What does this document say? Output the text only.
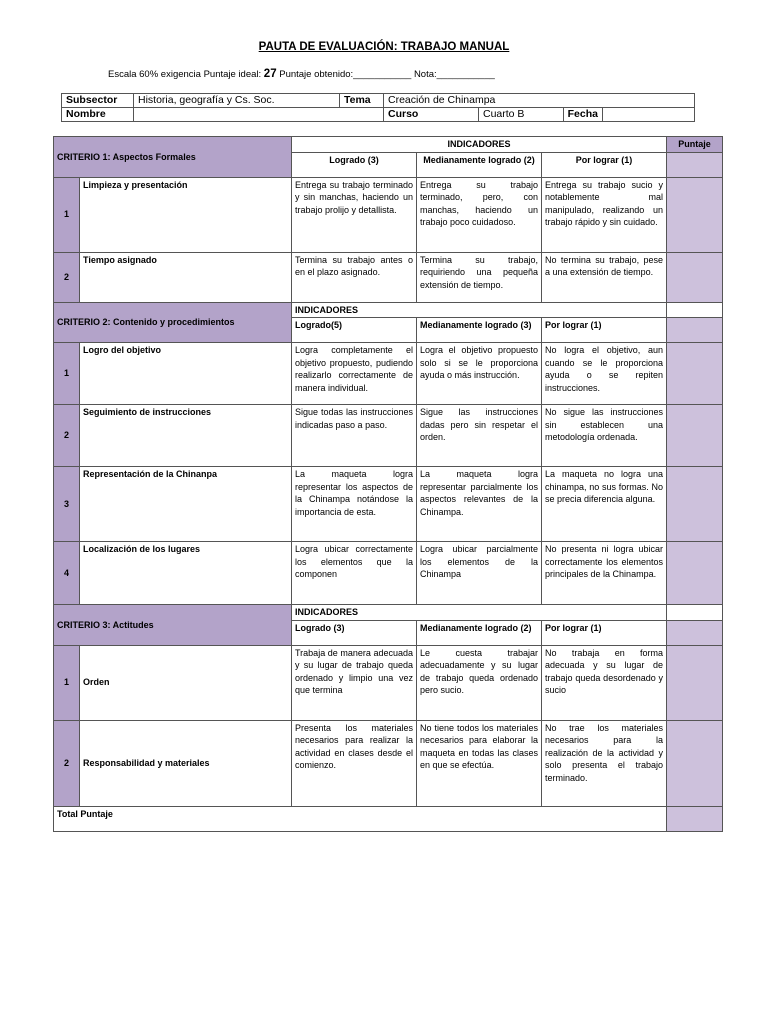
PAUTA DE EVALUACIÓN: TRABAJO MANUAL
Escala 60% exigencia Puntaje ideal: 27 Puntaje obtenido:___________ Nota:___________
Subsector	Historia, geografía y Cs. Soc.	Tema	Creación de Chinampa		
Nombre			Curso	Cuarto B Fecha	

CRITERIO 1: Aspectos Formales		INDICADORES			Puntaje
		Logrado (3)	Medianamente logrado (2)	Por lograr (1)	
1	Limpieza y presentación	Entrega su trabajo terminado y sin manchas, haciendo un trabajo prolijo y detallista.	Entrega su trabajo terminado, pero, con manchas, haciendo un trabajo poco cuidadoso.	Entrega su trabajo sucio y notablemente mal manipulado, realizando un trabajo rápido y sin cuidado.	
2	Tiempo asignado	Termina su trabajo antes o en el plazo asignado.	Termina su trabajo, requiriendo una pequeña extensión de tiempo.	No termina su trabajo, pese a una extensión de tiempo.	
CRITERIO 2: Contenido y procedimientos		INDICADORES			
		Logrado(5)	Medianamente logrado (3)	Por lograr (1)	
1	Logro del objetivo	Logra completamente el objetivo propuesto, pudiendo realizarlo correctamente de manera individual.	Logra el objetivo propuesto solo si se le proporciona ayuda o más instrucción.	No logra el objetivo, aun cuando se le proporciona ayuda o se repiten instrucciones.	
2	Seguimiento de instrucciones	Sigue todas las instrucciones indicadas paso a paso.	Sigue las instrucciones dadas pero sin respetar el orden.	No sigue las instrucciones sin establecen una metodología ordenada.	
3	Representación de la Chinanpa	La maqueta logra representar los aspectos de la Chinampa notándose la importancia de esta.	La maqueta logra representar parcialmente los aspectos relevantes de la Chinampa.	La maqueta no logra una chinampa, no sus formas. No se precia diferencia alguna.	
4	Localización de los lugares	Logra ubicar correctamente los elementos que la componen	Logra ubicar parcialmente los elementos de la Chinampa	No presenta ni logra ubicar correctamente los elementos principales de la Chinampa.	
CRITERIO 3: Actitudes		INDICADORES			
		Logrado (3)	Medianamente logrado (2)	Por lograr (1)	
1	Orden	Trabaja de manera adecuada y su lugar de trabajo queda ordenado y limpio una vez que termina	Le cuesta trabajar adecuadamente y su lugar de trabajo queda ordenado pero sucio.	No trabaja en forma adecuada y su lugar de trabajo queda desordenado y sucio	
2	Responsabilidad y materiales	Presenta los materiales necesarios para realizar la actividad en clases desde el comienzo.	No tiene todos los materiales necesarios para elaborar la maqueta en todas las clases en que se efectúa.	No trae los materiales necesarios para la realización de la actividad y solo presenta el trabajo terminado.	
Total Puntaje					
